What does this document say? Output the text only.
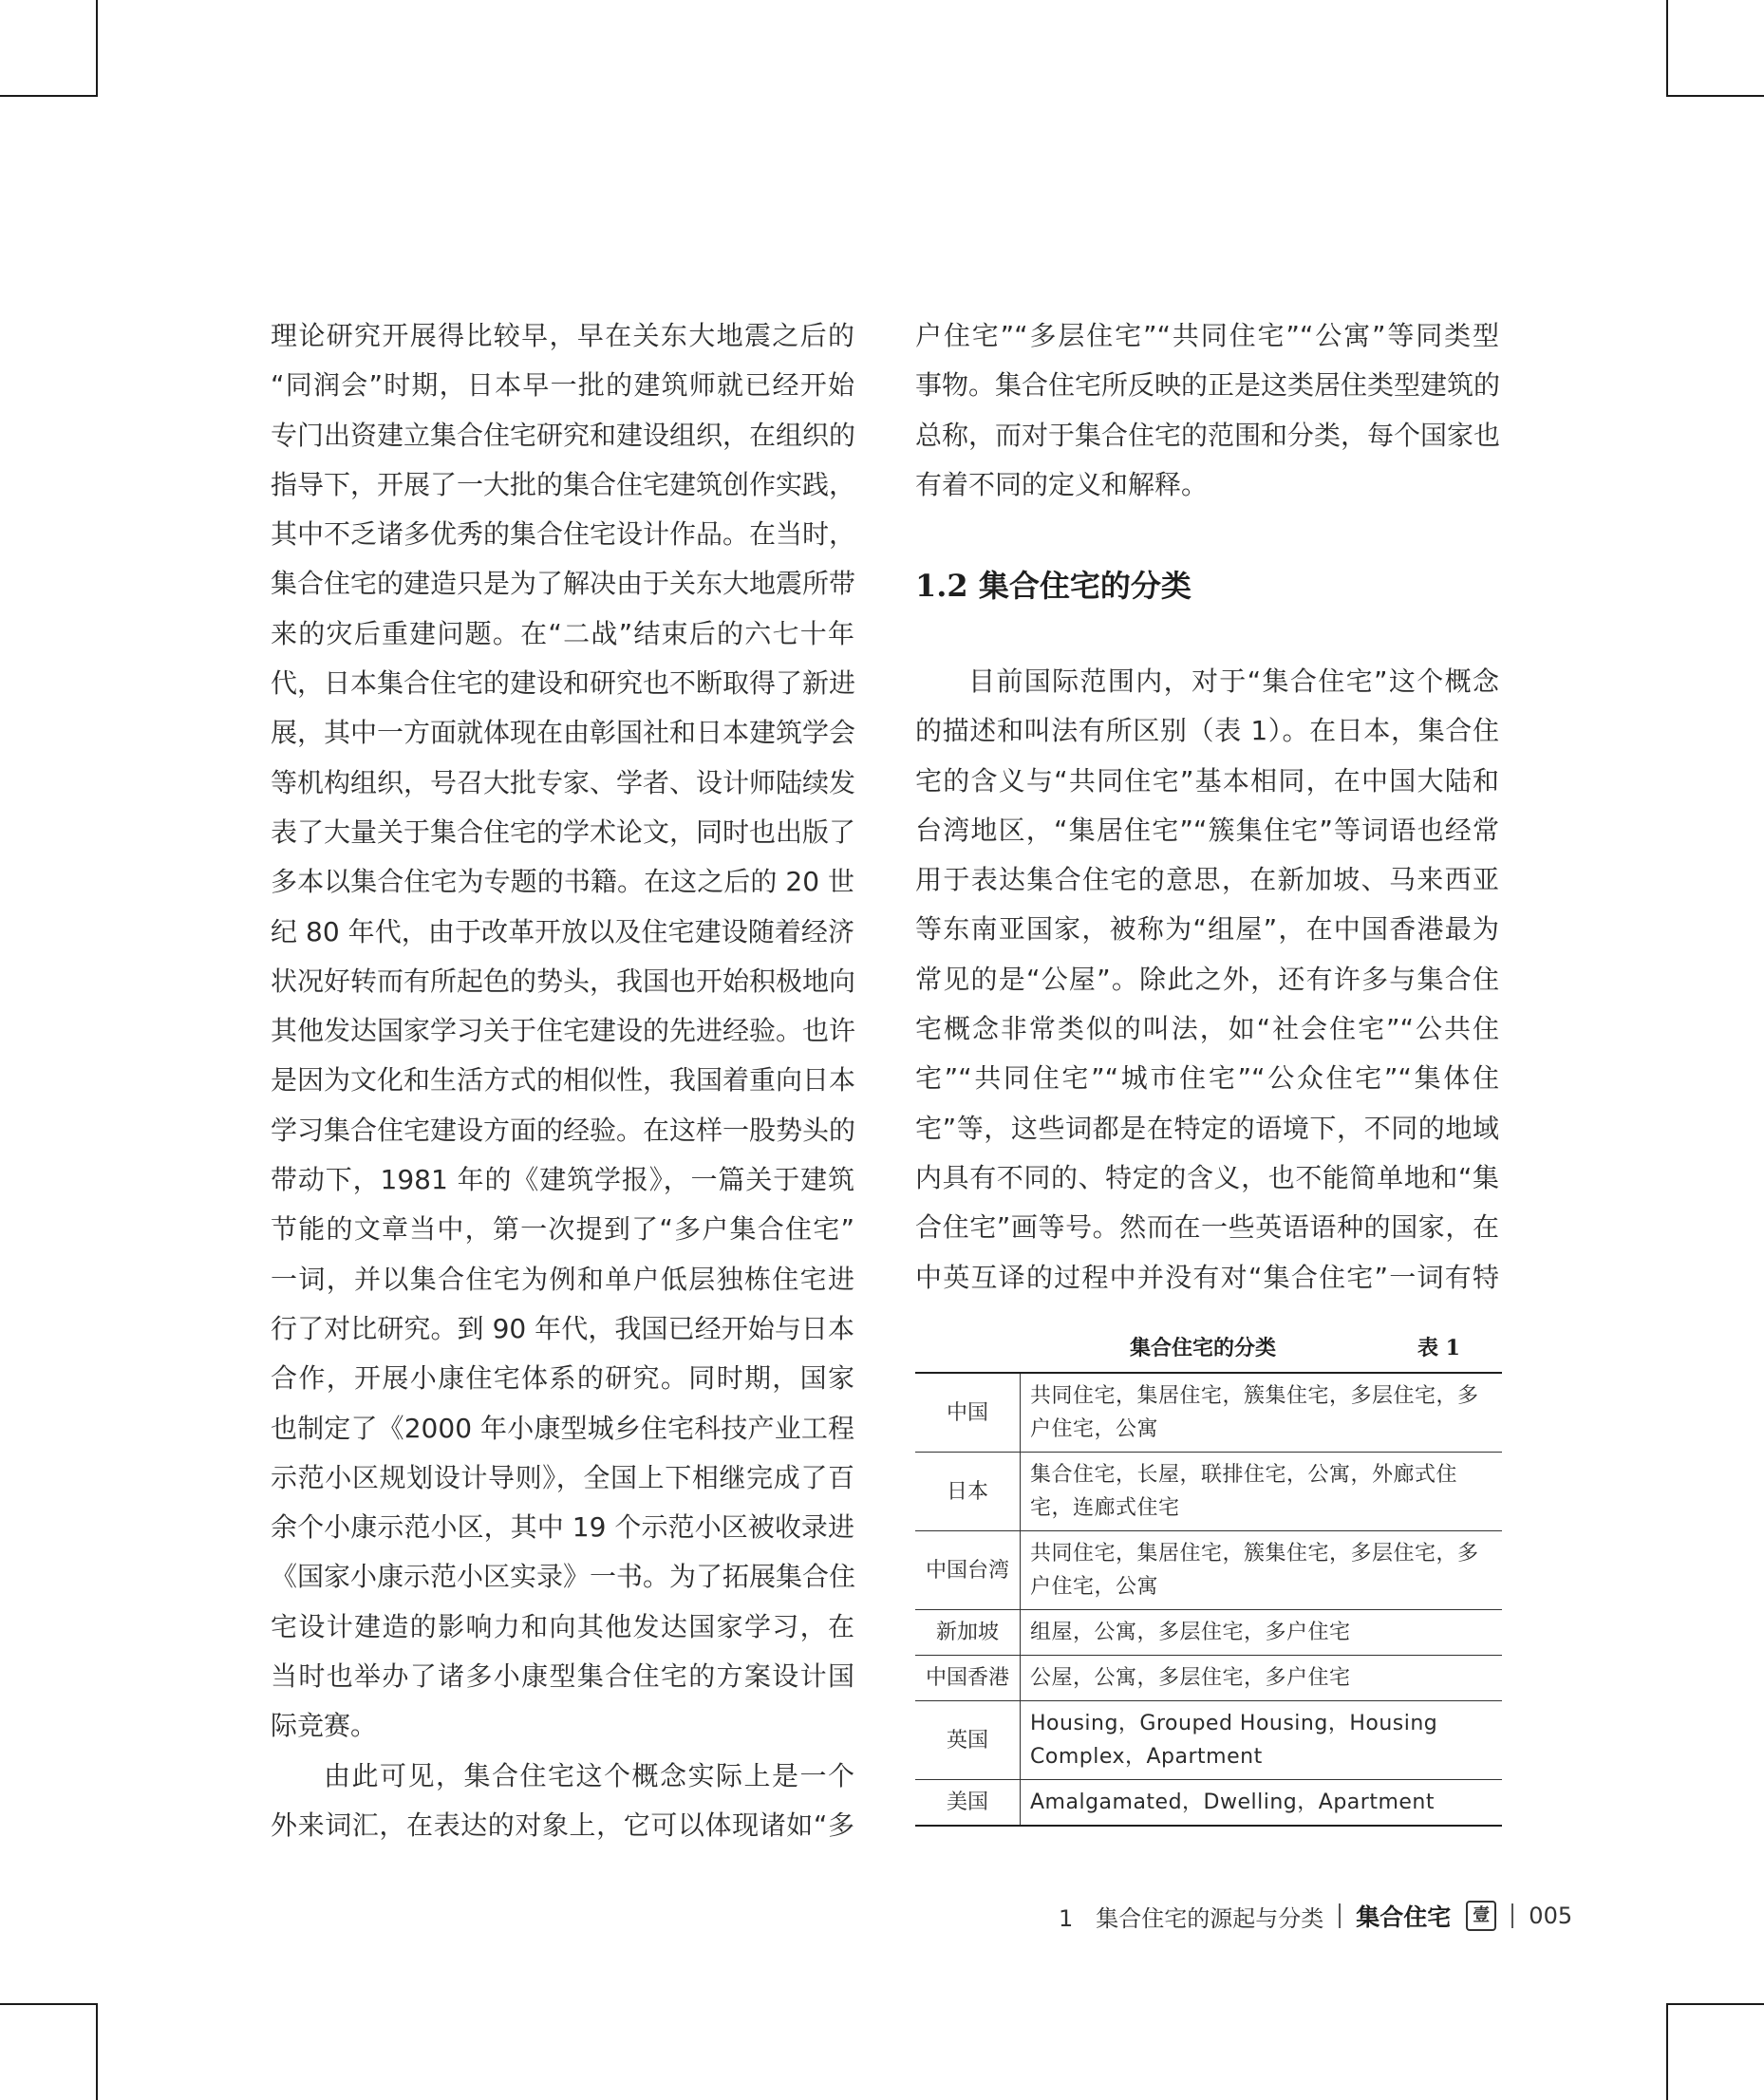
理论研究开展得比较早，早在关东大地震之后的
“同润会”时期，日本早一批的建筑师就已经开始
专门出资建立集合住宅研究和建设组织，在组织的
指导下，开展了一大批的集合住宅建筑创作实践，
其中不乏诸多优秀的集合住宅设计作品。在当时，
集合住宅的建造只是为了解决由于关东大地震所带
来的灾后重建问题。在“二战”结束后的六七十年
代，日本集合住宅的建设和研究也不断取得了新进
展，其中一方面就体现在由彰国社和日本建筑学会
等机构组织，号召大批专家、学者、设计师陆续发
表了大量关于集合住宅的学术论文，同时也出版了
多本以集合住宅为专题的书籍。在这之后的 20 世
纪 80 年代，由于改革开放以及住宅建设随着经济
状况好转而有所起色的势头，我国也开始积极地向
其他发达国家学习关于住宅建设的先进经验。也许
是因为文化和生活方式的相似性，我国着重向日本
学习集合住宅建设方面的经验。在这样一股势头的
带动下，1981 年的《建筑学报》，一篇关于建筑
节能的文章当中，第一次提到了“多户集合住宅”
一词，并以集合住宅为例和单户低层独栋住宅进
行了对比研究。到 90 年代，我国已经开始与日本
合作，开展小康住宅体系的研究。同时期，国家
也制定了《2000 年小康型城乡住宅科技产业工程
示范小区规划设计导则》，全国上下相继完成了百
余个小康示范小区，其中 19 个示范小区被收录进
《国家小康示范小区实录》一书。为了拓展集合住
宅设计建造的影响力和向其他发达国家学习，在
当时也举办了诸多小康型集合住宅的方案设计国
际竞赛。

由此可见，集合住宅这个概念实际上是一个
外来词汇，在表达的对象上，它可以体现诸如“多

户住宅”“多层住宅”“共同住宅”“公寓”等同类型
事物。集合住宅所反映的正是这类居住类型建筑的
总称，而对于集合住宅的范围和分类，每个国家也
有着不同的定义和解释。
1.2 集合住宅的分类
目前国际范围内，对于“集合住宅”这个概念
的描述和叫法有所区别（表 1）。在日本，集合住
宅的含义与“共同住宅”基本相同，在中国大陆和
台湾地区，“集居住宅”“簇集住宅”等词语也经常
用于表达集合住宅的意思，在新加坡、马来西亚
等东南亚国家，被称为“组屋”，在中国香港最为
常见的是“公屋”。除此之外，还有许多与集合住
宅概念非常类似的叫法，如“社会住宅”“公共住
宅”“共同住宅”“城市住宅”“公众住宅”“集体住
宅”等，这些词都是在特定的语境下，不同的地域
内具有不同的、特定的含义，也不能简单地和“集
合住宅”画等号。然而在一些英语语种的国家，在
中英互译的过程中并没有对“集合住宅”一词有特
集合住宅的分类	表 1
中国	共同住宅，集居住宅，簇集住宅，多层住宅，多户住宅，公寓
日本	集合住宅，长屋，联排住宅，公寓，外廊式住宅，连廊式住宅
中国台湾	共同住宅，集居住宅，簇集住宅，多层住宅，多户住宅，公寓
新加坡	组屋，公寓，多层住宅，多户住宅
中国香港	公屋，公寓，多层住宅，多户住宅
英国	Housing，Grouped Housing，Housing Complex，Apartment
美国	Amalgamated，Dwelling，Apartment
1　集合住宅的源起与分类 集合住宅	壹 005
